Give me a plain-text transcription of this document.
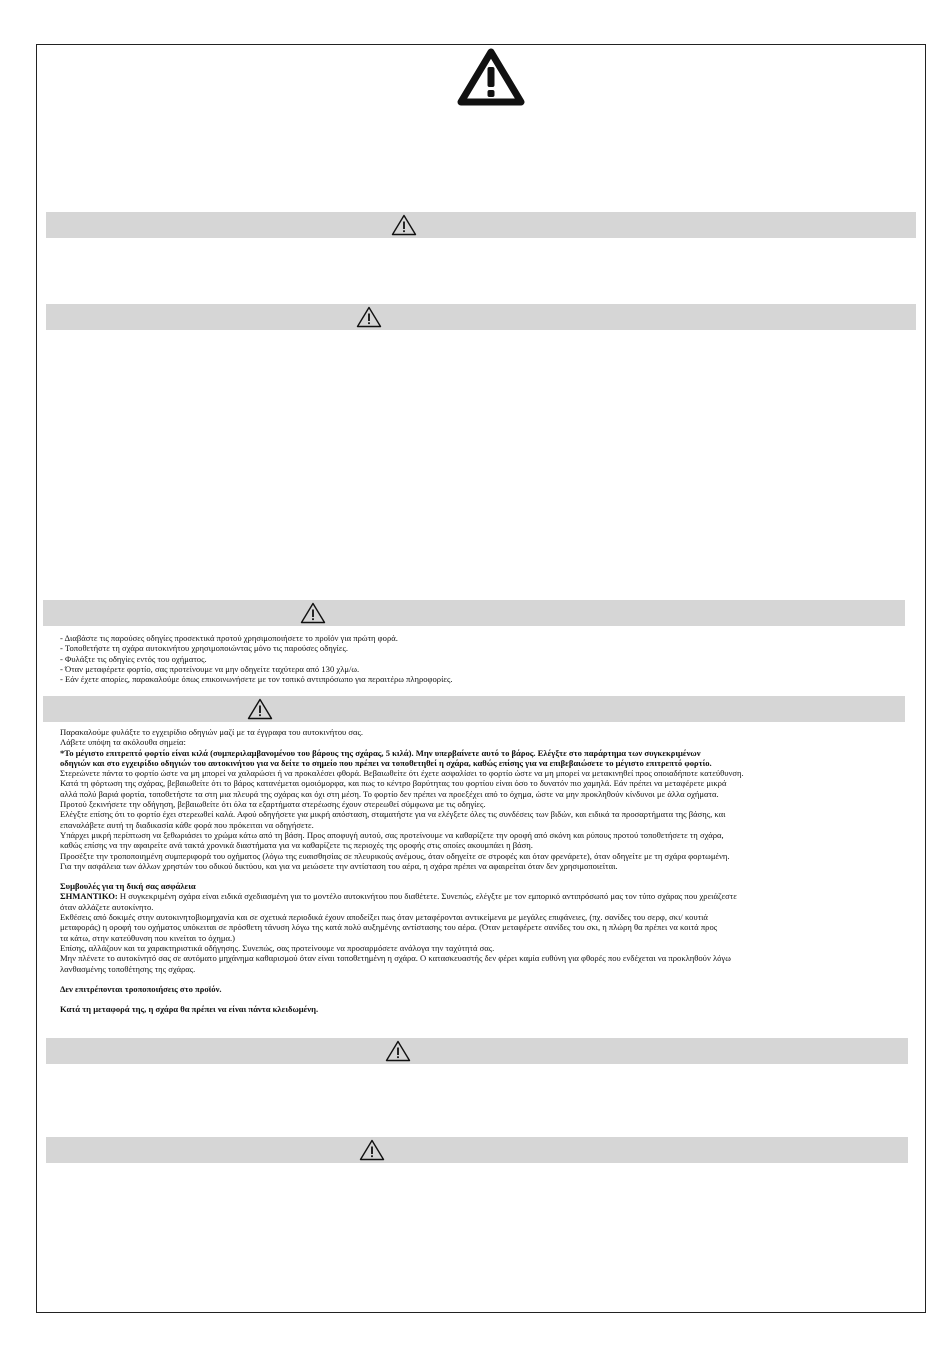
- Διαβάστε τις παρούσες οδηγίες προσεκτικά προτού χρησιμοποιήσετε το προϊόν για πρώτη φορά.

- Τοποθετήστε τη σχάρα αυτοκινήτου χρησιμοποιώντας μόνο τις παρούσες οδηγίες.

- Φυλάξτε τις οδηγίες εντός του οχήματος.

- Όταν μεταφέρετε φορτίο, σας προτείνουμε να μην οδηγείτε ταχύτερα από 130 χλμ/ω.

- Εάν έχετε απορίες, παρακαλούμε όπως επικοινωνήσετε με τον τοπικό αντιπρόσωπο για περαιτέρω πληροφορίες.

Παρακαλούμε φυλάξτε το εγχειρίδιο οδηγιών μαζί με τα έγγραφα του αυτοκινήτου σας.

Λάβετε υπόψη τα ακόλουθα σημεία:

*Το μέγιστο επιτρεπτό φορτίο είναι κιλά (συμπεριλαμβανομένου του βάρους της σχάρας, 5 κιλά). Μην υπερβαίνετε αυτό το βάρος. Ελέγξτε στο παράρτημα των συγκεκριμένων

οδηγιών και στο εγχειρίδιο οδηγιών του αυτοκινήτου για να δείτε το σημείο που πρέπει να τοποθετηθεί η σχάρα, καθώς επίσης για να επιβεβαιώσετε το μέγιστο επιτρεπτό φορτίο.

Στερεώνετε πάντα το φορτίο ώστε να μη μπορεί να χαλαρώσει ή να προκαλέσει φθορά. Βεβαιωθείτε ότι έχετε ασφαλίσει το φορτίο ώστε να μη μπορεί να μετακινηθεί προς οποιαδήποτε κατεύθυνση.

Κατά τη φόρτωση της σχάρας, βεβαιωθείτε ότι το βάρος κατανέμεται ομοιόμορφα, και πως το κέντρο βαρύτητας του φορτίου είναι όσο το δυνατόν πιο χαμηλά. Εάν πρέπει να μεταφέρετε μικρά

αλλά πολύ βαριά φορτία, τοποθετήστε τα στη μια πλευρά της σχάρας και όχι στη μέση. Το φορτίο δεν πρέπει να προεξέχει από το όχημα, ώστε να μην προκληθούν κίνδυνοι με άλλα οχήματα.

Προτού ξεκινήσετε την οδήγηση, βεβαιωθείτε ότι όλα τα εξαρτήματα στερέωσης έχουν στερεωθεί σύμφωνα με τις οδηγίες.

Ελέγξτε επίσης ότι το φορτίο έχει στερεωθεί καλά. Αφού οδηγήσετε για μικρή απόσταση, σταματήστε για να ελέγξετε όλες τις συνδέσεις των βιδών, και ειδικά τα προσαρτήματα της βάσης, και

επαναλάβετε αυτή τη διαδικασία κάθε φορά που πρόκειται να οδηγήσετε.

Υπάρχει μικρή περίπτωση να ξεθωριάσει το χρώμα κάτω από τη βάση. Προς αποφυγή αυτού, σας προτείνουμε να καθαρίζετε την οροφή από σκόνη και ρύπους προτού τοποθετήσετε τη σχάρα,

καθώς επίσης να την αφαιρείτε ανά τακτά χρονικά διαστήματα για να καθαρίζετε τις περιοχές της οροφής στις οποίες ακουμπάει η βάση.

Προσέξτε την τροποποιημένη συμπεριφορά του οχήματος (λόγω της ευαισθησίας σε πλευρικούς ανέμους, όταν οδηγείτε σε στροφές και όταν φρενάρετε), όταν οδηγείτε με τη σχάρα φορτωμένη.

Για την ασφάλεια των άλλων χρηστών του οδικού δικτύου, και για να μειώσετε την αντίσταση του αέρα, η σχάρα πρέπει να αφαιρείται όταν δεν χρησιμοποιείται.

Συμβουλές για τη δική σας ασφάλεια

ΣΗΜΑΝΤΙΚΟ: Η συγκεκριμένη σχάρα είναι ειδικά σχεδιασμένη για το μοντέλο αυτοκινήτου που διαθέτετε. Συνεπώς, ελέγξτε με τον εμπορικό αντιπρόσωπό μας τον τύπο σχάρας που χρειάζεστε

όταν αλλάζετε αυτοκίνητο.

Εκθέσεις από δοκιμές στην αυτοκινητοβιομηχανία και σε σχετικά περιοδικά έχουν αποδείξει πως όταν μεταφέρονται αντικείμενα με μεγάλες επιφάνειες, (πχ. σανίδες του σερφ, σκι/ κουτιά

μεταφοράς) η οροφή του οχήματος υπόκειται σε πρόσθετη τάνυση λόγω της κατά πολύ αυξημένης αντίστασης του αέρα. (Όταν μεταφέρετε σανίδες του σκι, η πλώρη θα πρέπει να κοιτά προς

τα κάτω, στην κατεύθυνση που κινείται το όχημα.)

Επίσης, αλλάζουν και τα χαρακτηριστικά οδήγησης. Συνεπώς, σας προτείνουμε να προσαρμόσετε ανάλογα την ταχύτητά σας.

Μην πλένετε το αυτοκίνητό σας σε αυτόματο μηχάνημα καθαρισμού όταν είναι τοποθετημένη η σχάρα. Ο κατασκευαστής δεν φέρει καμία ευθύνη για φθορές που ενδέχεται να προκληθούν λόγω

λανθασμένης τοποθέτησης της σχάρας.

Δεν επιτρέπονται τροποποιήσεις στο προϊόν.

Κατά τη μεταφορά της, η σχάρα θα πρέπει να είναι πάντα κλειδωμένη.
